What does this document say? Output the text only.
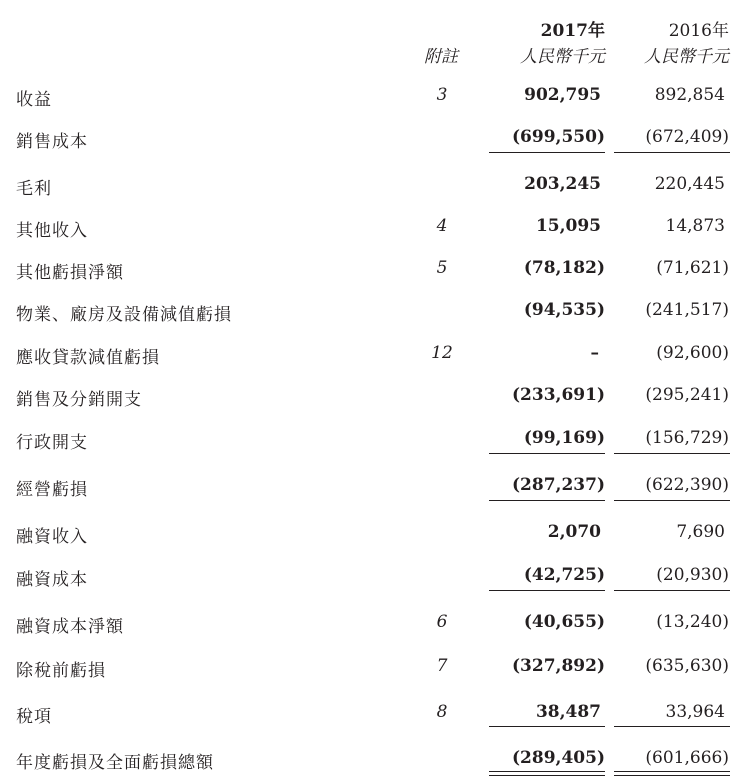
2017年	2016年
附註	人民幣千元 人民幣千元
收益	3	902,795	892,854
銷售成本	(699,550) (672,409)
毛利	203,245	220,445
其他收入	4	15,095	14,873
其他虧損淨額	5	(78,182)	(71,621)
物業、廠房及設備減值虧損	(94,535) (241,517)
應收貸款減值虧損	12	–	(92,600)
銷售及分銷開支	(233,691) (295,241)
行政開支	(99,169) (156,729)
經營虧損	(287,237) (622,390)
融資收入	2,070	7,690
融資成本	(42,725)	(20,930)
融資成本淨額	6	(40,655)	(13,240)
除稅前虧損	7	(327,892) (635,630)
稅項	8	38,487	33,964
年度虧損及全面虧損總額	(289,405) (601,666)
